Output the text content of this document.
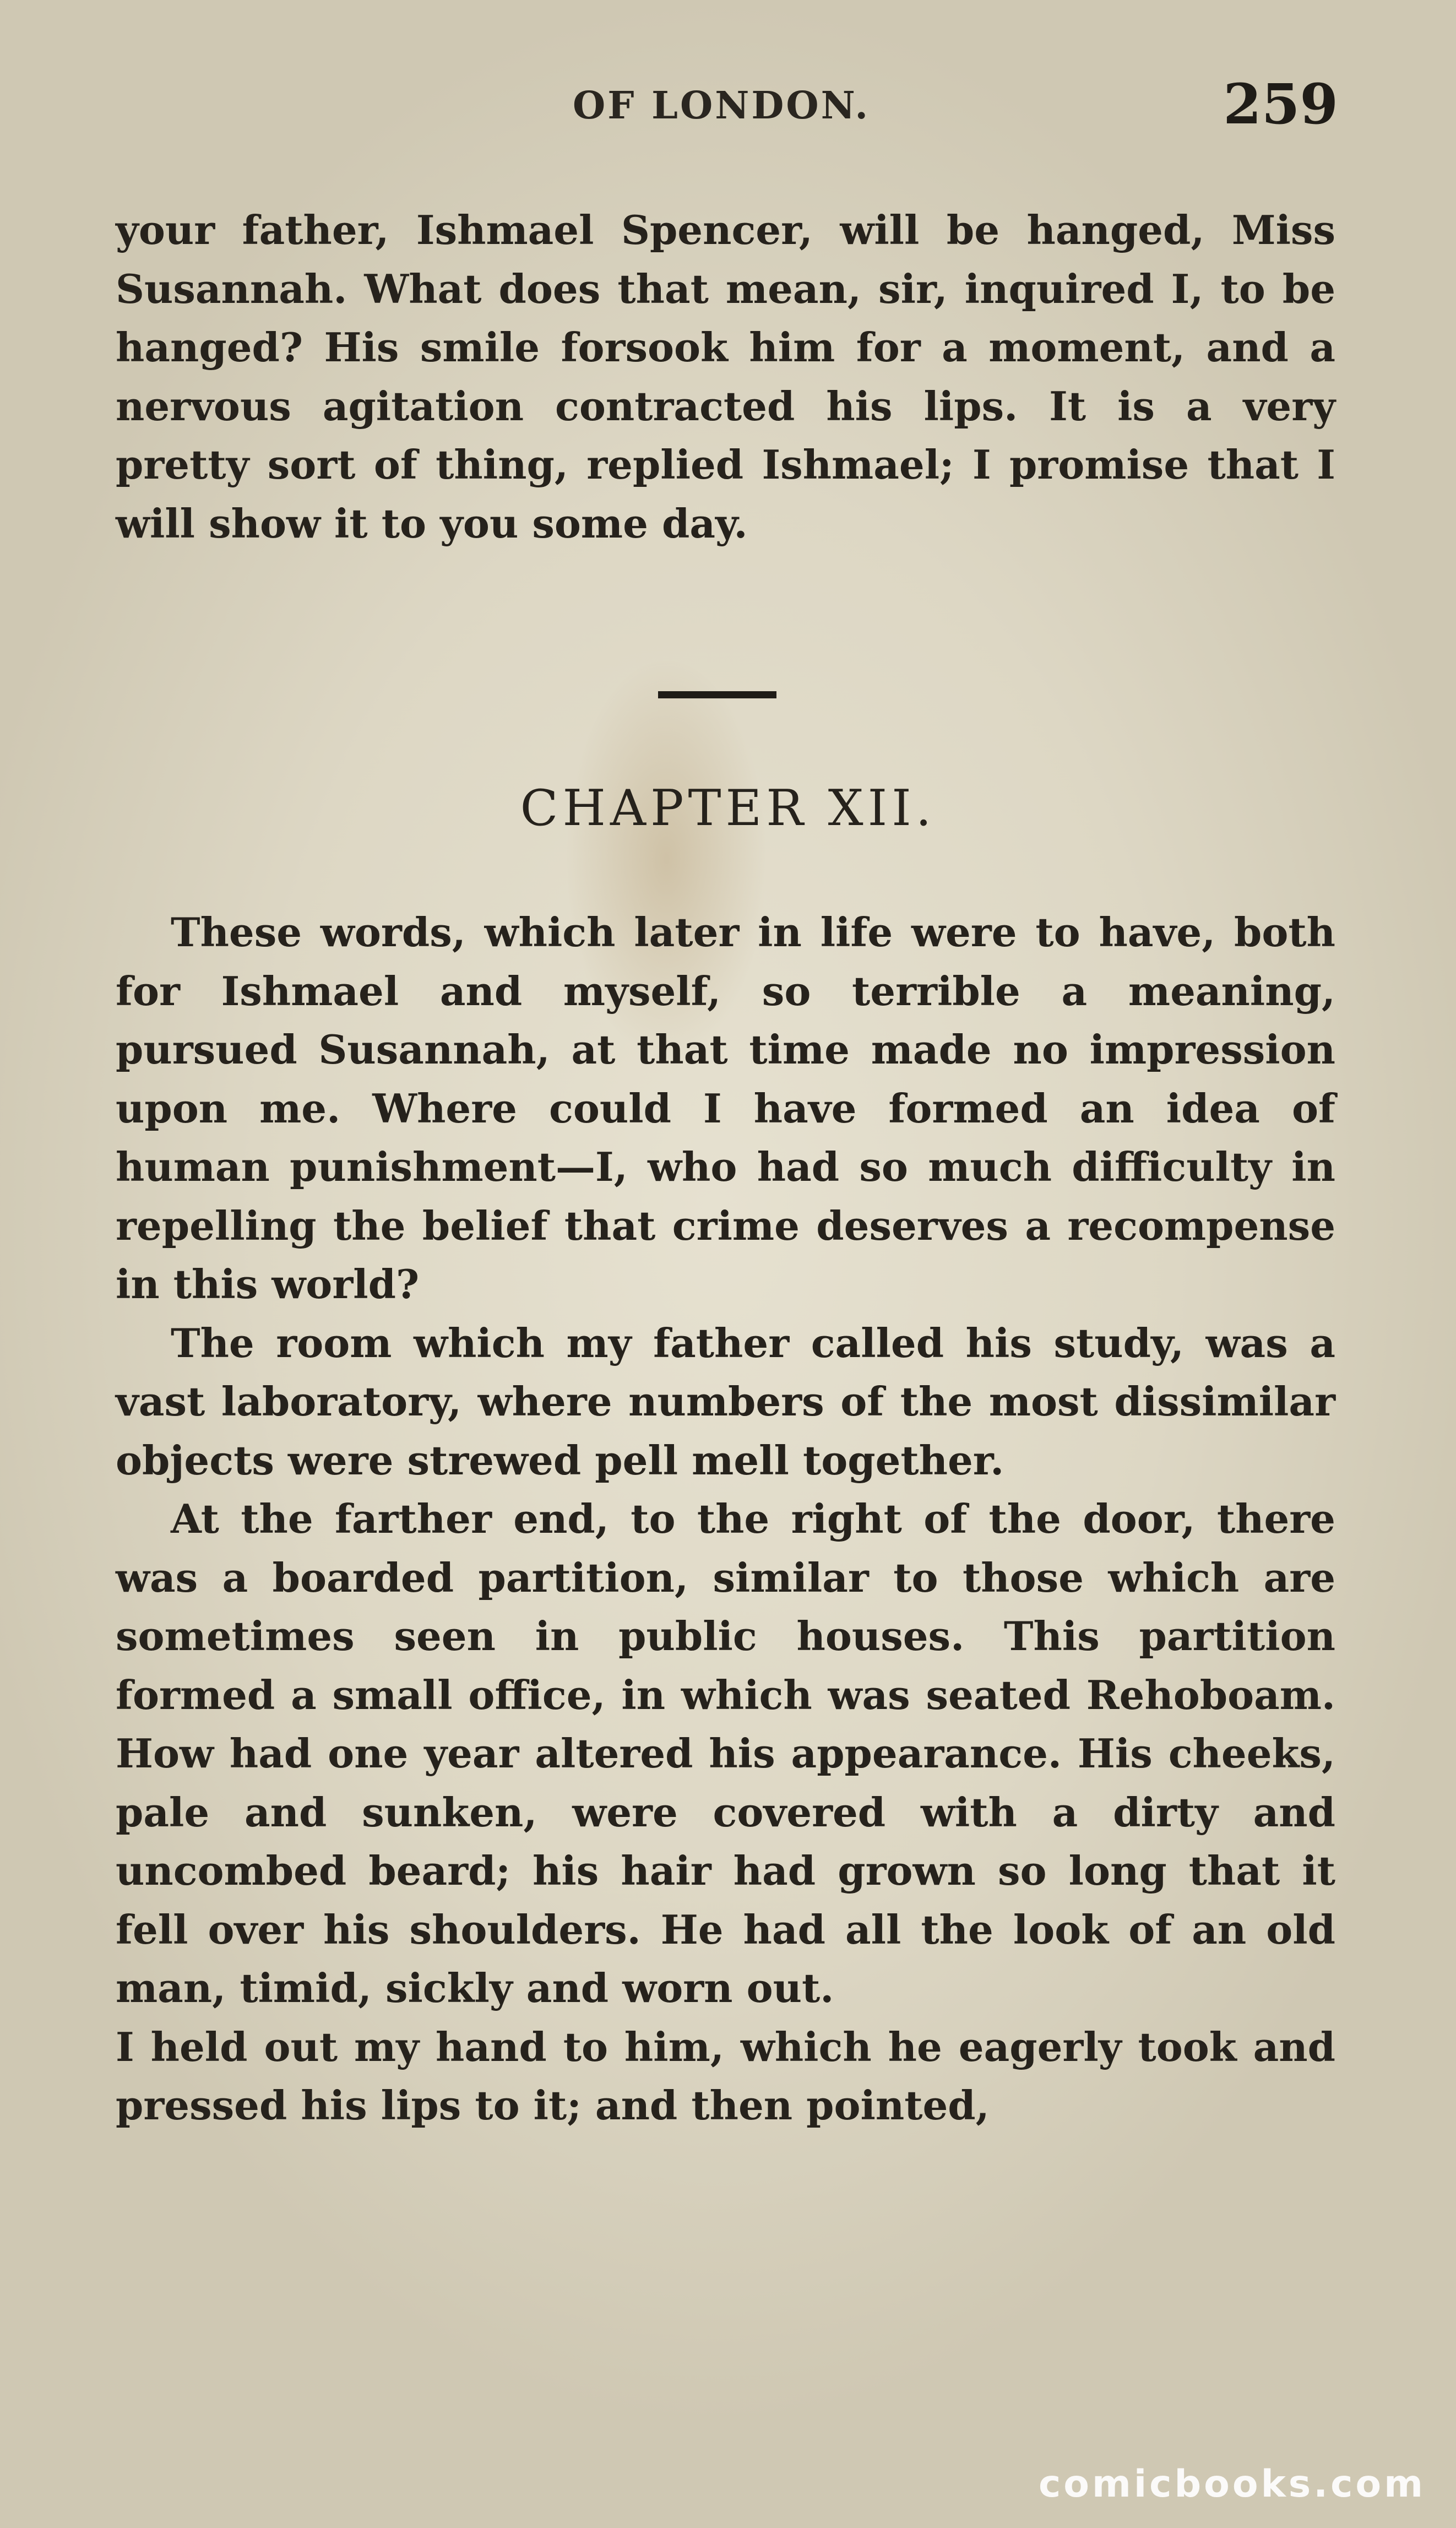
OF LONDON.	259

your father, Ishmael Spencer, will be hanged, Miss Susannah. What does that mean, sir, inquired I, to be hanged? His smile forsook him for a moment, and a nervous agitation contracted his lips. It is a very pretty sort of thing, replied Ishmael; I promise that I will show it to you some day.

CHAPTER XII.

These words, which later in life were to have, both for Ishmael and myself, so terrible a meaning, pursued Susannah, at that time made no impression upon me. Where could I have formed an idea of human punishment—I, who had so much difficulty in repelling the belief that crime deserves a recompense in this world?

The room which my father called his study, was a vast laboratory, where numbers of the most dissimilar objects were strewed pell mell together.

At the farther end, to the right of the door, there was a boarded partition, similar to those which are sometimes seen in public houses. This partition formed a small office, in which was seated Rehoboam. How had one year altered his appearance. His cheeks, pale and sunken, were covered with a dirty and uncombed beard; his hair had grown so long that it fell over his shoulders. He had all the look of an old man, timid, sickly and worn out.

I held out my hand to him, which he eagerly took and pressed his lips to it; and then pointed,

comicbooks.com
